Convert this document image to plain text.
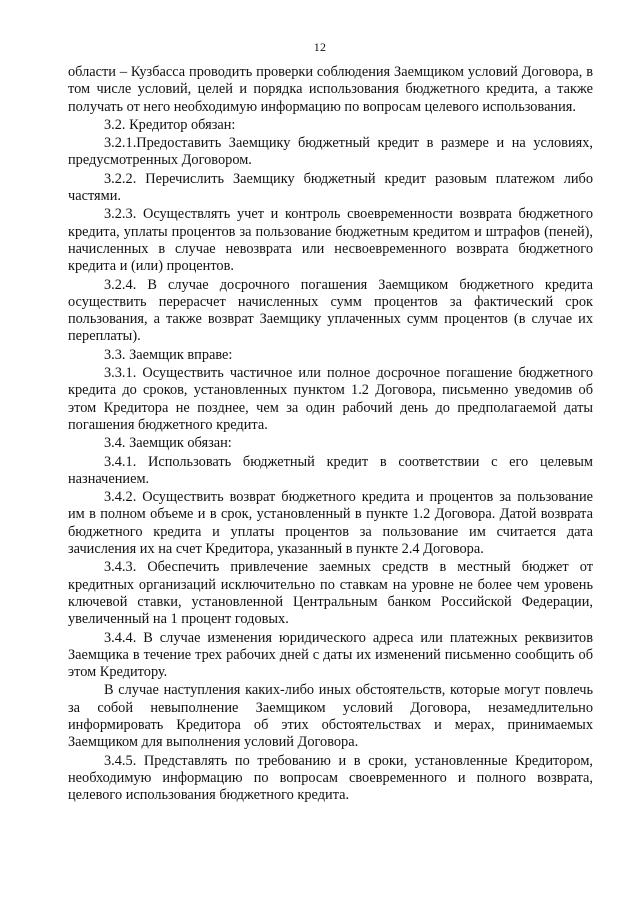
12

области – Кузбасса проводить проверки соблюдения Заемщиком условий Договора, в том числе условий, целей и порядка использования бюджетного кредита, а также получать от него необходимую информацию по вопросам целевого использования.

3.2. Кредитор обязан:

3.2.1.Предоставить Заемщику бюджетный кредит в размере и на условиях, предусмотренных Договором.

3.2.2. Перечислить Заемщику бюджетный кредит разовым платежом либо частями.

3.2.3. Осуществлять учет и контроль своевременности возврата бюджетного кредита, уплаты процентов за пользование бюджетным кредитом и штрафов (пеней), начисленных в случае невозврата или несвоевременного возврата бюджетного кредита и (или) процентов.

3.2.4. В случае досрочного погашения Заемщиком бюджетного кредита осуществить перерасчет начисленных сумм процентов за фактический срок пользования, а также возврат Заемщику уплаченных сумм процентов (в случае их переплаты).

3.3. Заемщик вправе:

3.3.1. Осуществить частичное или полное досрочное погашение бюджетного кредита до сроков, установленных пунктом 1.2 Договора, письменно уведомив об этом Кредитора не позднее, чем за один рабочий день до предполагаемой даты погашения бюджетного кредита.

3.4. Заемщик обязан:

3.4.1. Использовать бюджетный кредит в соответствии с его целевым назначением.

3.4.2. Осуществить возврат бюджетного кредита и процентов за пользование им в полном объеме и в срок, установленный в пункте 1.2 Договора. Датой возврата бюджетного кредита и уплаты процентов за пользование им считается дата зачисления их на счет Кредитора, указанный в пункте 2.4 Договора.

3.4.3. Обеспечить привлечение заемных средств в местный бюджет от кредитных организаций исключительно по ставкам на уровне не более чем уровень ключевой ставки, установленной Центральным банком Российской Федерации, увеличенный на 1 процент годовых.

3.4.4. В случае изменения юридического адреса или платежных реквизитов Заемщика в течение трех рабочих дней с даты их изменений письменно сообщить об этом Кредитору.

В случае наступления каких-либо иных обстоятельств, которые могут повлечь за собой невыполнение Заемщиком условий Договора, незамедлительно информировать Кредитора об этих обстоятельствах и мерах, принимаемых Заемщиком для выполнения условий Договора.

3.4.5. Представлять по требованию и в сроки, установленные Кредитором, необходимую информацию по вопросам своевременного и полного возврата, целевого использования бюджетного кредита.
